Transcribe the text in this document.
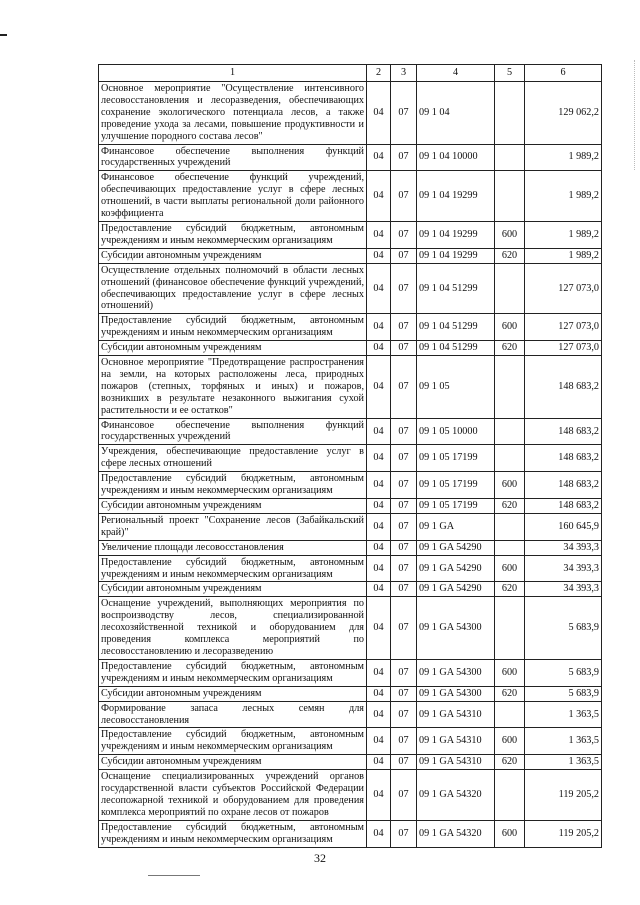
1	2	3	4	5	6
Основное мероприятие "Осуществление интенсивного лесовосстановления и лесоразведения, обеспечивающих сохранение экологического потенциала лесов, а также проведение ухода за лесами, повышение продуктивности и улучшение породного состава лесов"	04	07	09 1 04		129 062,2
Финансовое обеспечение выполнения функций государственных учреждений	04	07	09 1 04 10000		1 989,2
Финансовое обеспечение функций учреждений, обеспечивающих предоставление услуг в сфере лесных отношений, в части выплаты региональной доли районного коэффициента	04	07	09 1 04 19299		1 989,2
Предоставление субсидий бюджетным, автономным учреждениям и иным некоммерческим организациям	04	07	09 1 04 19299	600	1 989,2
Субсидии автономным учреждениям	04	07	09 1 04 19299	620	1 989,2
Осуществление отдельных полномочий в области лесных отношений (финансовое обеспечение функций учреждений, обеспечивающих предоставление услуг в сфере лесных отношений)	04	07	09 1 04 51299		127 073,0
Предоставление субсидий бюджетным, автономным учреждениям и иным некоммерческим организациям	04	07	09 1 04 51299	600	127 073,0
Субсидии автономным учреждениям	04	07	09 1 04 51299	620	127 073,0
Основное мероприятие "Предотвращение распространения на земли, на которых расположены леса, природных пожаров (степных, торфяных и иных) и пожаров, возникших в результате незаконного выжигания сухой растительности и ее остатков"	04	07	09 1 05		148 683,2
Финансовое обеспечение выполнения функций государственных учреждений	04	07	09 1 05 10000		148 683,2
Учреждения, обеспечивающие предоставление услуг в сфере лесных отношений	04	07	09 1 05 17199		148 683,2
Предоставление субсидий бюджетным, автономным учреждениям и иным некоммерческим организациям	04	07	09 1 05 17199	600	148 683,2
Субсидии автономным учреждениям	04	07	09 1 05 17199	620	148 683,2
Региональный проект "Сохранение лесов (Забайкальский край)"	04	07	09 1 GA		160 645,9
Увеличение площади лесовосстановления	04	07	09 1 GA 54290		34 393,3
Предоставление субсидий бюджетным, автономным учреждениям и иным некоммерческим организациям	04	07	09 1 GA 54290	600	34 393,3
Субсидии автономным учреждениям	04	07	09 1 GA 54290	620	34 393,3
Оснащение учреждений, выполняющих мероприятия по воспроизводству лесов, специализированной лесохозяйственной техникой и оборудованием для проведения комплекса мероприятий по лесовосстановлению и лесоразведению	04	07	09 1 GA 54300		5 683,9
Предоставление субсидий бюджетным, автономным учреждениям и иным некоммерческим организациям	04	07	09 1 GA 54300	600	5 683,9
Субсидии автономным учреждениям	04	07	09 1 GA 54300	620	5 683,9
Формирование запаса лесных семян для лесовосстановления	04	07	09 1 GA 54310		1 363,5
Предоставление субсидий бюджетным, автономным учреждениям и иным некоммерческим организациям	04	07	09 1 GA 54310	600	1 363,5
Субсидии автономным учреждениям	04	07	09 1 GA 54310	620	1 363,5
Оснащение специализированных учреждений органов государственной власти субъектов Российской Федерации лесопожарной техникой и оборудованием для проведения комплекса мероприятий по охране лесов от пожаров	04	07	09 1 GA 54320		119 205,2
Предоставление субсидий бюджетным, автономным учреждениям и иным некоммерческим организациям	04	07	09 1 GA 54320	600	119 205,2
32
